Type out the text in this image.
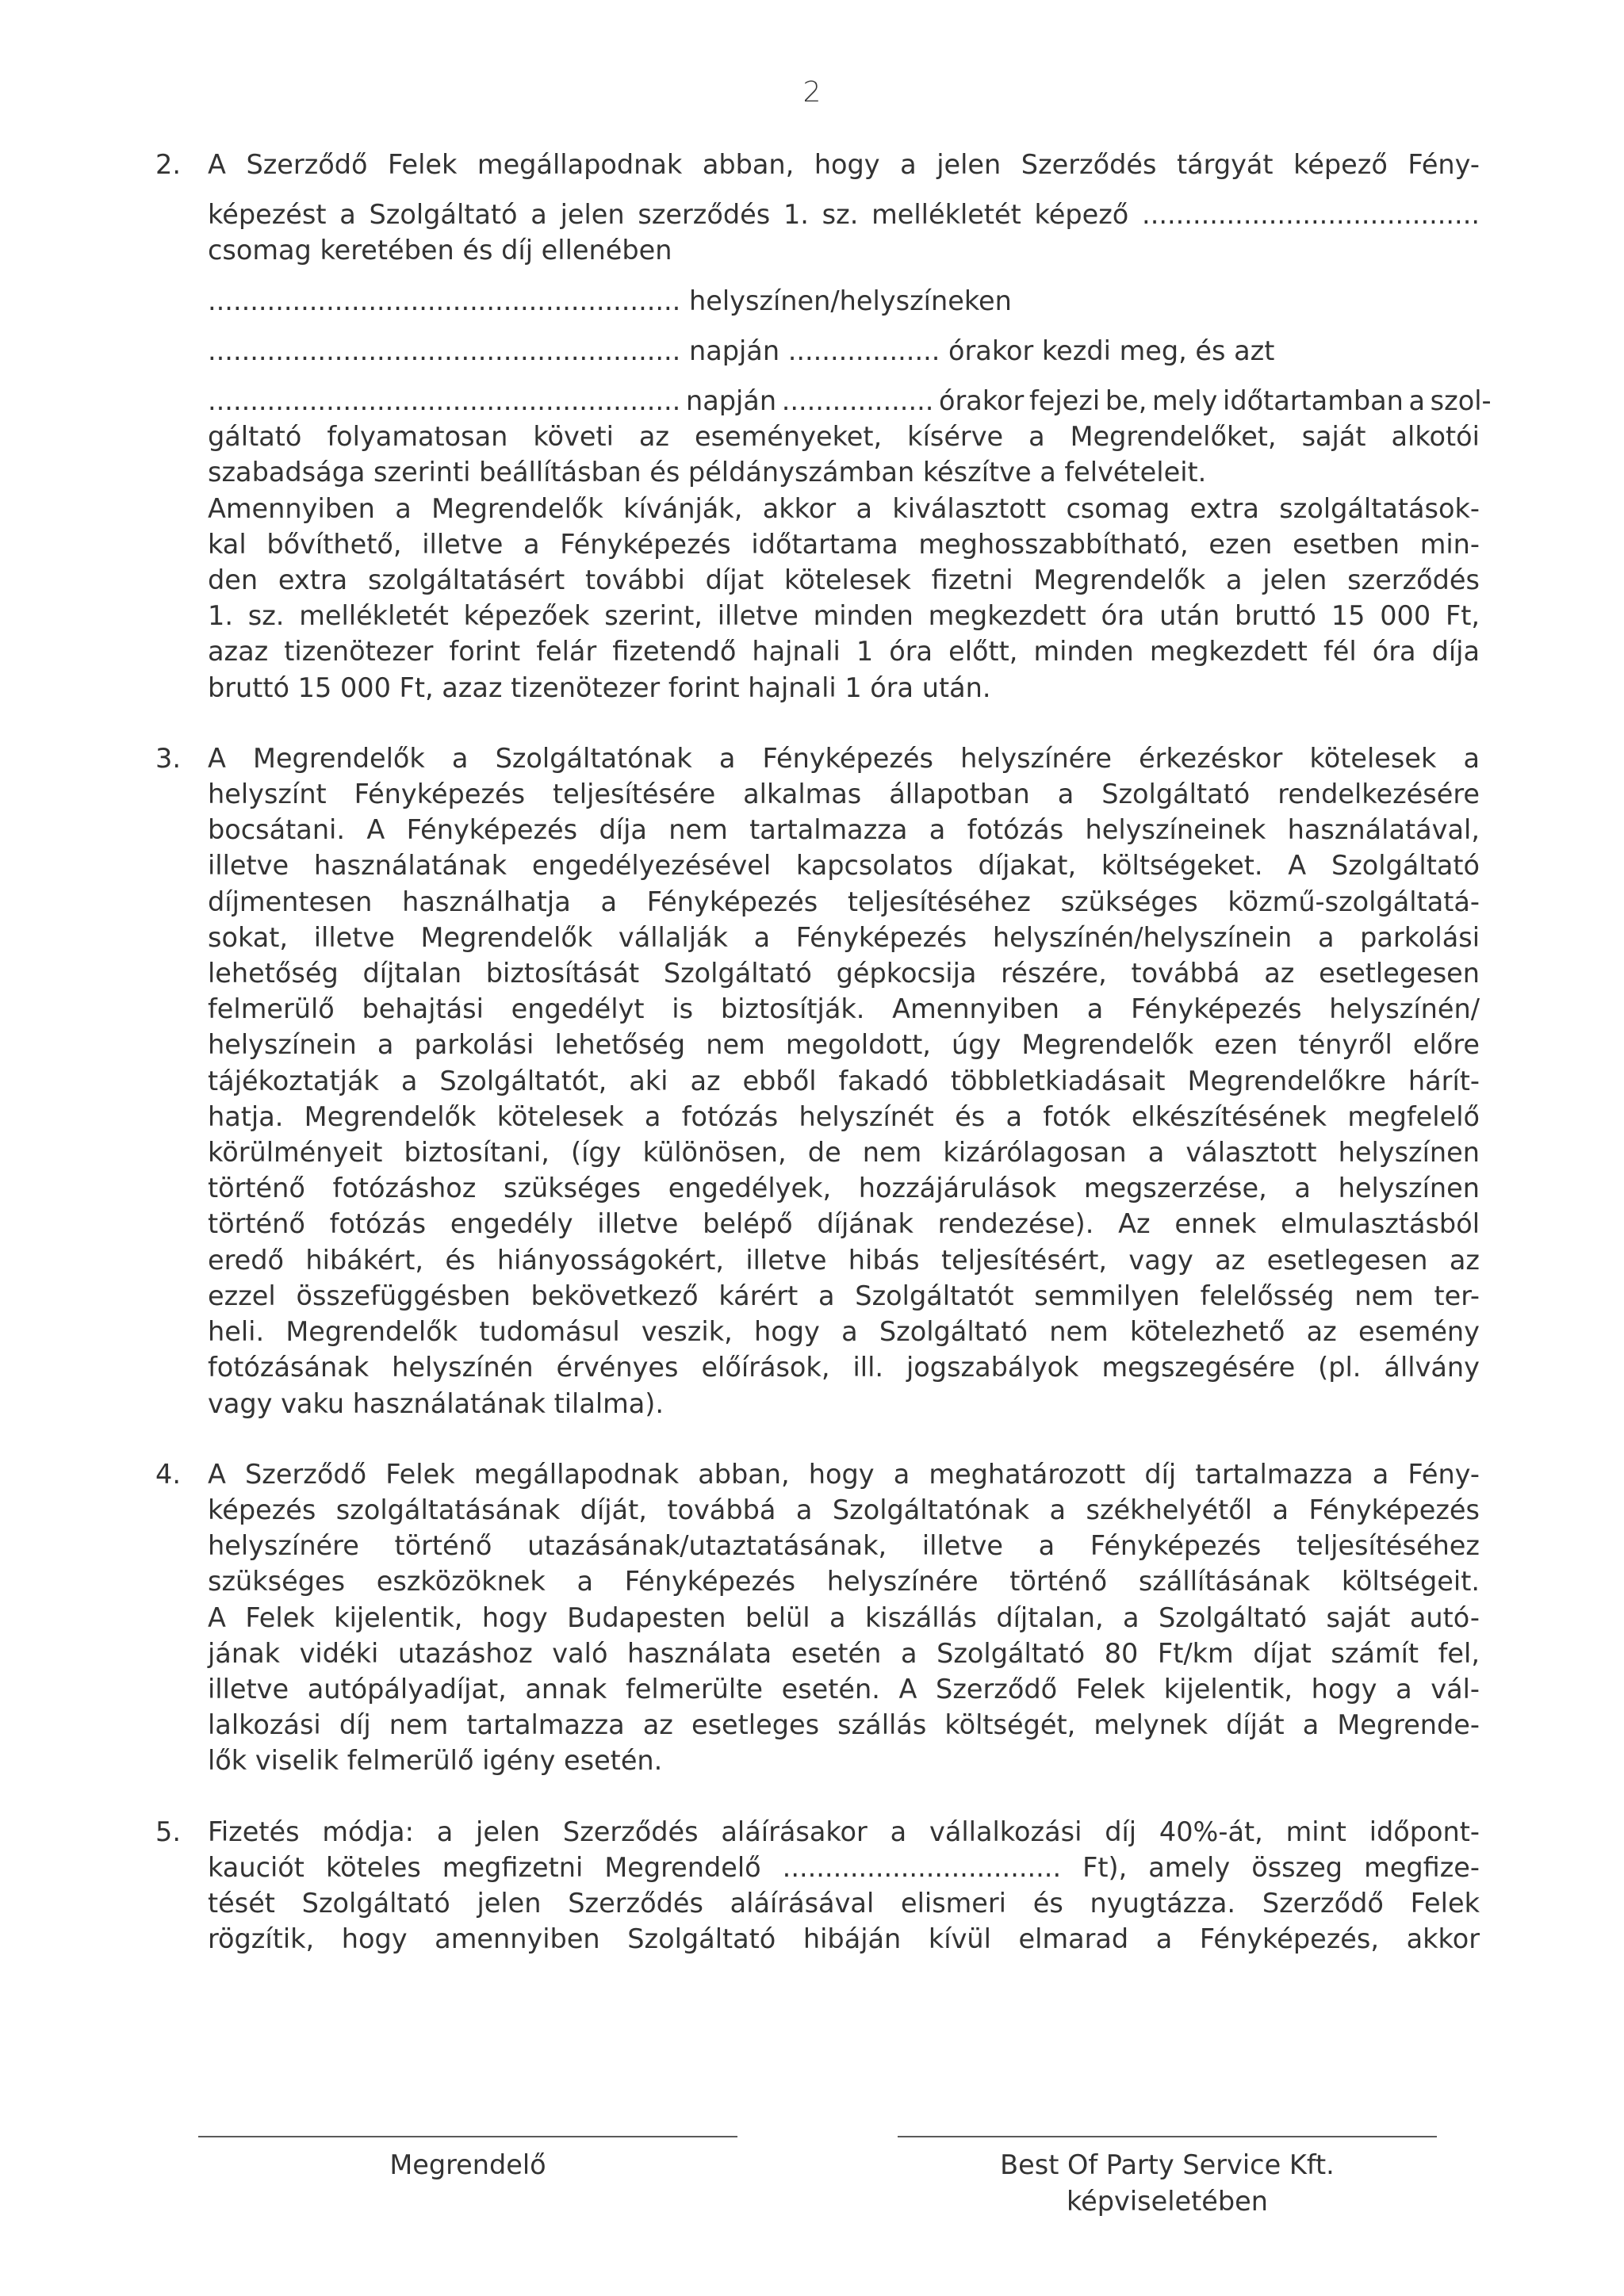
2
2. A Szerződő Felek megállapodnak abban, hogy a jelen Szerződés tárgyát képező Fény-
képezést a Szolgáltató a jelen szerződés 1. sz. mellékletét képező ........................................
csomag keretében és díj ellenében
........................................................ helyszínen/helyszíneken
........................................................ napján .................. órakor kezdi meg, és azt
........................................................ napján .................. órakor fejezi be, mely időtartamban a szol-
gáltató folyamatosan követi az eseményeket, kísérve a Megrendelőket, saját alkotói
szabadsága szerinti beállításban és példányszámban készítve a felvételeit.
Amennyiben a Megrendelők kívánják, akkor a kiválasztott csomag extra szolgáltatások-
kal bővíthető, illetve a Fényképezés időtartama meghosszabbítható, ezen esetben min-
den extra szolgáltatásért további díjat kötelesek fizetni Megrendelők a jelen szerződés
1. sz. mellékletét képezőek szerint, illetve minden megkezdett óra után bruttó 15 000 Ft,
azaz tizenötezer forint felár fizetendő hajnali 1 óra előtt, minden megkezdett fél óra díja
bruttó 15 000 Ft, azaz tizenötezer forint hajnali 1 óra után.
3. A Megrendelők a Szolgáltatónak a Fényképezés helyszínére érkezéskor kötelesek a
helyszínt Fényképezés teljesítésére alkalmas állapotban a Szolgáltató rendelkezésére
bocsátani. A Fényképezés díja nem tartalmazza a fotózás helyszíneinek használatával,
illetve használatának engedélyezésével kapcsolatos díjakat, költségeket. A Szolgáltató
díjmentesen használhatja a Fényképezés teljesítéséhez szükséges közmű-szolgáltatá-
sokat, illetve Megrendelők vállalják a Fényképezés helyszínén/helyszínein a parkolási
lehetőség díjtalan biztosítását Szolgáltató gépkocsija részére, továbbá az esetlegesen
felmerülő behajtási engedélyt is biztosítják. Amennyiben a Fényképezés helyszínén/
helyszínein a parkolási lehetőség nem megoldott, úgy Megrendelők ezen tényről előre
tájékoztatják a Szolgáltatót, aki az ebből fakadó többletkiadásait Megrendelőkre hárít-
hatja. Megrendelők kötelesek a fotózás helyszínét és a fotók elkészítésének megfelelő
körülményeit biztosítani, (így különösen, de nem kizárólagosan a választott helyszínen
történő fotózáshoz szükséges engedélyek, hozzájárulások megszerzése, a helyszínen
történő fotózás engedély illetve belépő díjának rendezése). Az ennek elmulasztásból
eredő hibákért, és hiányosságokért, illetve hibás teljesítésért, vagy az esetlegesen az
ezzel összefüggésben bekövetkező kárért a Szolgáltatót semmilyen felelősség nem ter-
heli. Megrendelők tudomásul veszik, hogy a Szolgáltató nem kötelezhető az esemény
fotózásának helyszínén érvényes előírások, ill. jogszabályok megszegésére (pl. állvány
vagy vaku használatának tilalma).
4. A Szerződő Felek megállapodnak abban, hogy a meghatározott díj tartalmazza a Fény-
képezés szolgáltatásának díját, továbbá a Szolgáltatónak a székhelyétől a Fényképezés
helyszínére történő utazásának/utaztatásának, illetve a Fényképezés teljesítéséhez
szükséges eszközöknek a Fényképezés helyszínére történő szállításának költségeit.
A Felek kijelentik, hogy Budapesten belül a kiszállás díjtalan, a Szolgáltató saját autó-
jának vidéki utazáshoz való használata esetén a Szolgáltató 80 Ft/km díjat számít fel,
illetve autópályadíjat, annak felmerülte esetén. A Szerződő Felek kijelentik, hogy a vál-
lalkozási díj nem tartalmazza az esetleges szállás költségét, melynek díját a Megrende-
lők viselik felmerülő igény esetén.
5. Fizetés módja: a jelen Szerződés aláírásakor a vállalkozási díj 40%-át, mint időpont-
kauciót köteles megfizetni Megrendelő ................................. Ft), amely összeg megfize-
tését Szolgáltató jelen Szerződés aláírásával elismeri és nyugtázza. Szerződő Felek
rögzítik, hogy amennyiben Szolgáltató hibáján kívül elmarad a Fényképezés, akkor
Megrendelő	Best Of Party Service Kft.
képviseletében
